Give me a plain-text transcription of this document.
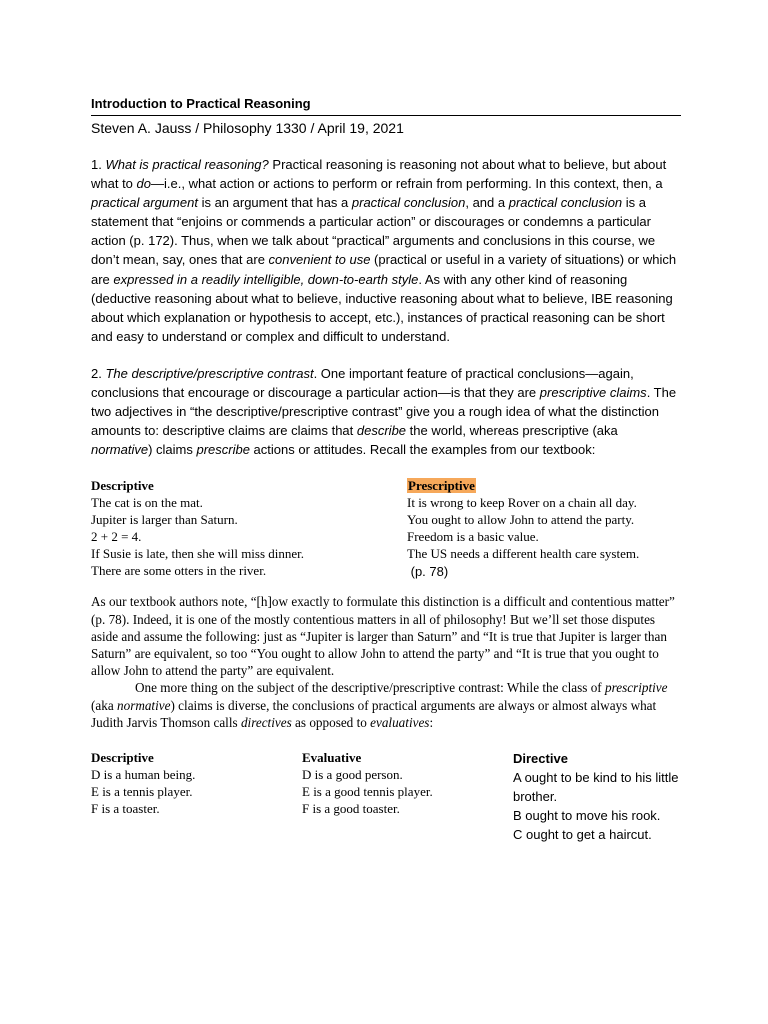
Introduction to Practical Reasoning

Steven A. Jauss / Philosophy 1330 / April 19, 2021

1. What is practical reasoning? Practical reasoning is reasoning not about what to believe, but about what to do—i.e., what action or actions to perform or refrain from performing. In this context, then, a practical argument is an argument that has a practical conclusion, and a practical conclusion is a statement that “enjoins or commends a particular action” or discourages or condemns a particular action (p. 172). Thus, when we talk about “practical” arguments and conclusions in this course, we don’t mean, say, ones that are convenient to use (practical or useful in a variety of situations) or which are expressed in a readily intelligible, down-to-earth style. As with any other kind of reasoning (deductive reasoning about what to believe, inductive reasoning about what to believe, IBE reasoning about which explanation or hypothesis to accept, etc.), instances of practical reasoning can be short and easy to understand or complex and difficult to understand.

2. The descriptive/prescriptive contrast. One important feature of practical conclusions—again, conclusions that encourage or discourage a particular action—is that they are prescriptive claims. The two adjectives in “the descriptive/prescriptive contrast” give you a rough idea of what the distinction amounts to: descriptive claims are claims that describe the world, whereas prescriptive (aka normative) claims prescribe actions or attitudes. Recall the examples from our textbook:

Descriptive
The cat is on the mat.
Jupiter is larger than Saturn.
2 + 2 = 4.
If Susie is late, then she will miss dinner.
There are some otters in the river.
Prescriptive
It is wrong to keep Rover on a chain all day.
You ought to allow John to attend the party.
Freedom is a basic value.
The US needs a different health care system.
(p. 78)

As our textbook authors note, “[h]ow exactly to formulate this distinction is a difficult and contentious matter” (p. 78). Indeed, it is one of the mostly contentious matters in all of philosophy! But we’ll set those disputes aside and assume the following: just as “Jupiter is larger than Saturn” and “It is true that Jupiter is larger than Saturn” are equivalent, so too “You ought to allow John to attend the party” and “It is true that you ought to allow John to attend the party” are equivalent.

One more thing on the subject of the descriptive/prescriptive contrast: While the class of prescriptive (aka normative) claims is diverse, the conclusions of practical arguments are always or almost always what Judith Jarvis Thomson calls directives as opposed to evaluatives:

Descriptive
D is a human being.
E is a tennis player.
F is a toaster.
Evaluative
D is a good person.
E is a good tennis player.
F is a good toaster.
Directive
A ought to be kind to his little brother.
B ought to move his rook.
C ought to get a haircut.
